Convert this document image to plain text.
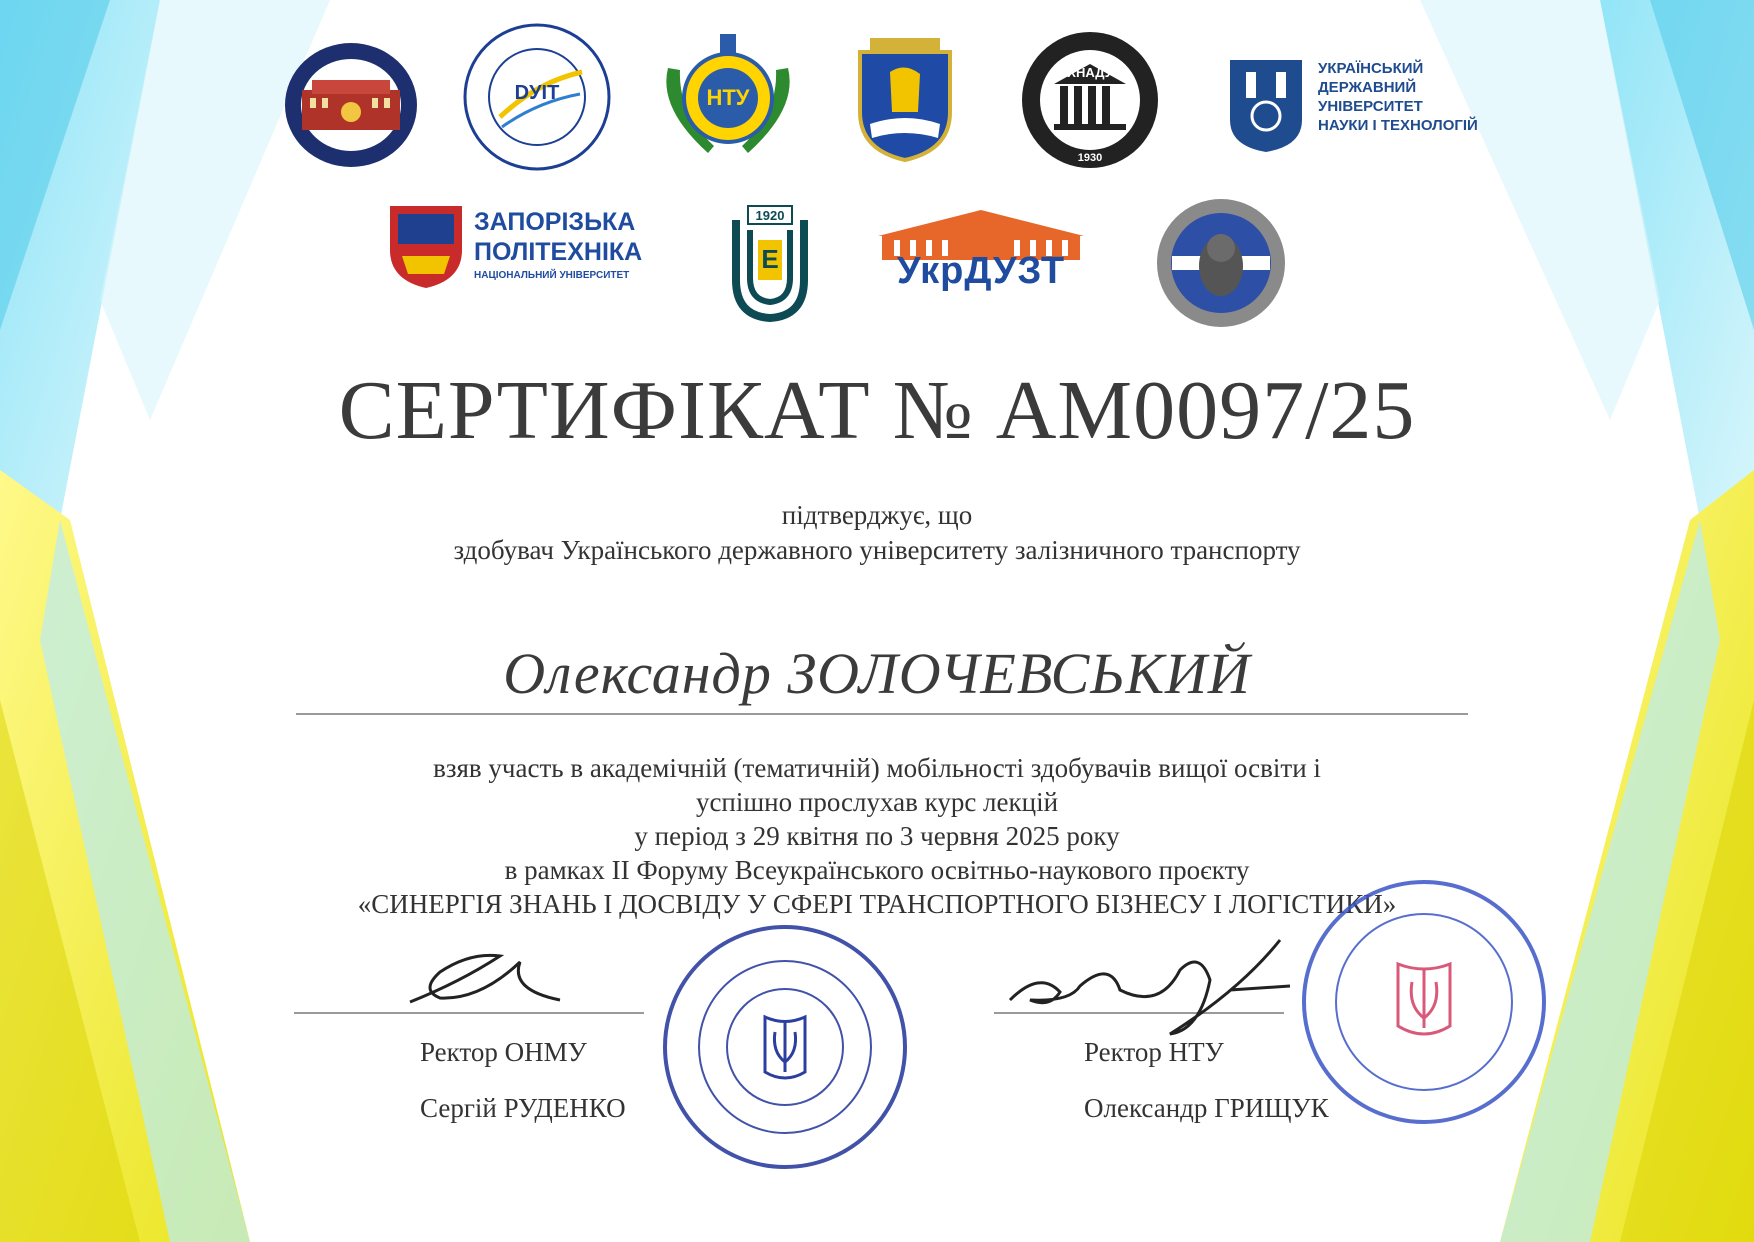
DУІТ	НТУ
ХНАДУ
1930
УКРАЇНСЬКИЙ
ДЕРЖАВНИЙ
УНІВЕРСИТЕТ
НАУКИ І ТЕХНОЛОГІЙ
ЗАПОРІЗЬКА
ПОЛІТЕХНІКА
НАЦІОНАЛЬНИЙ УНІВЕРСИТЕТ
1920
E	УкрДУЗТ
СЕРТИФІКАТ № АМ0097/25
підтверджує, що
здобувач Українського державного університету залізничного транспорту
Олександр ЗОЛОЧЕВСЬКИЙ
взяв участь в академічній (тематичній) мобільності здобувачів вищої освіти і
успішно прослухав курс лекцій
у період з 29 квітня по 3 червня 2025 року
в рамках ІІ Форуму Всеукраїнського освітньо-наукового проєкту
«СИНЕРГІЯ ЗНАНЬ І ДОСВІДУ У СФЕРІ ТРАНСПОРТНОГО БІЗНЕСУ І ЛОГІСТИКИ»
Ректор ОНМУ
Сергій РУДЕНКО
Ректор НТУ
Олександр ГРИЩУК
